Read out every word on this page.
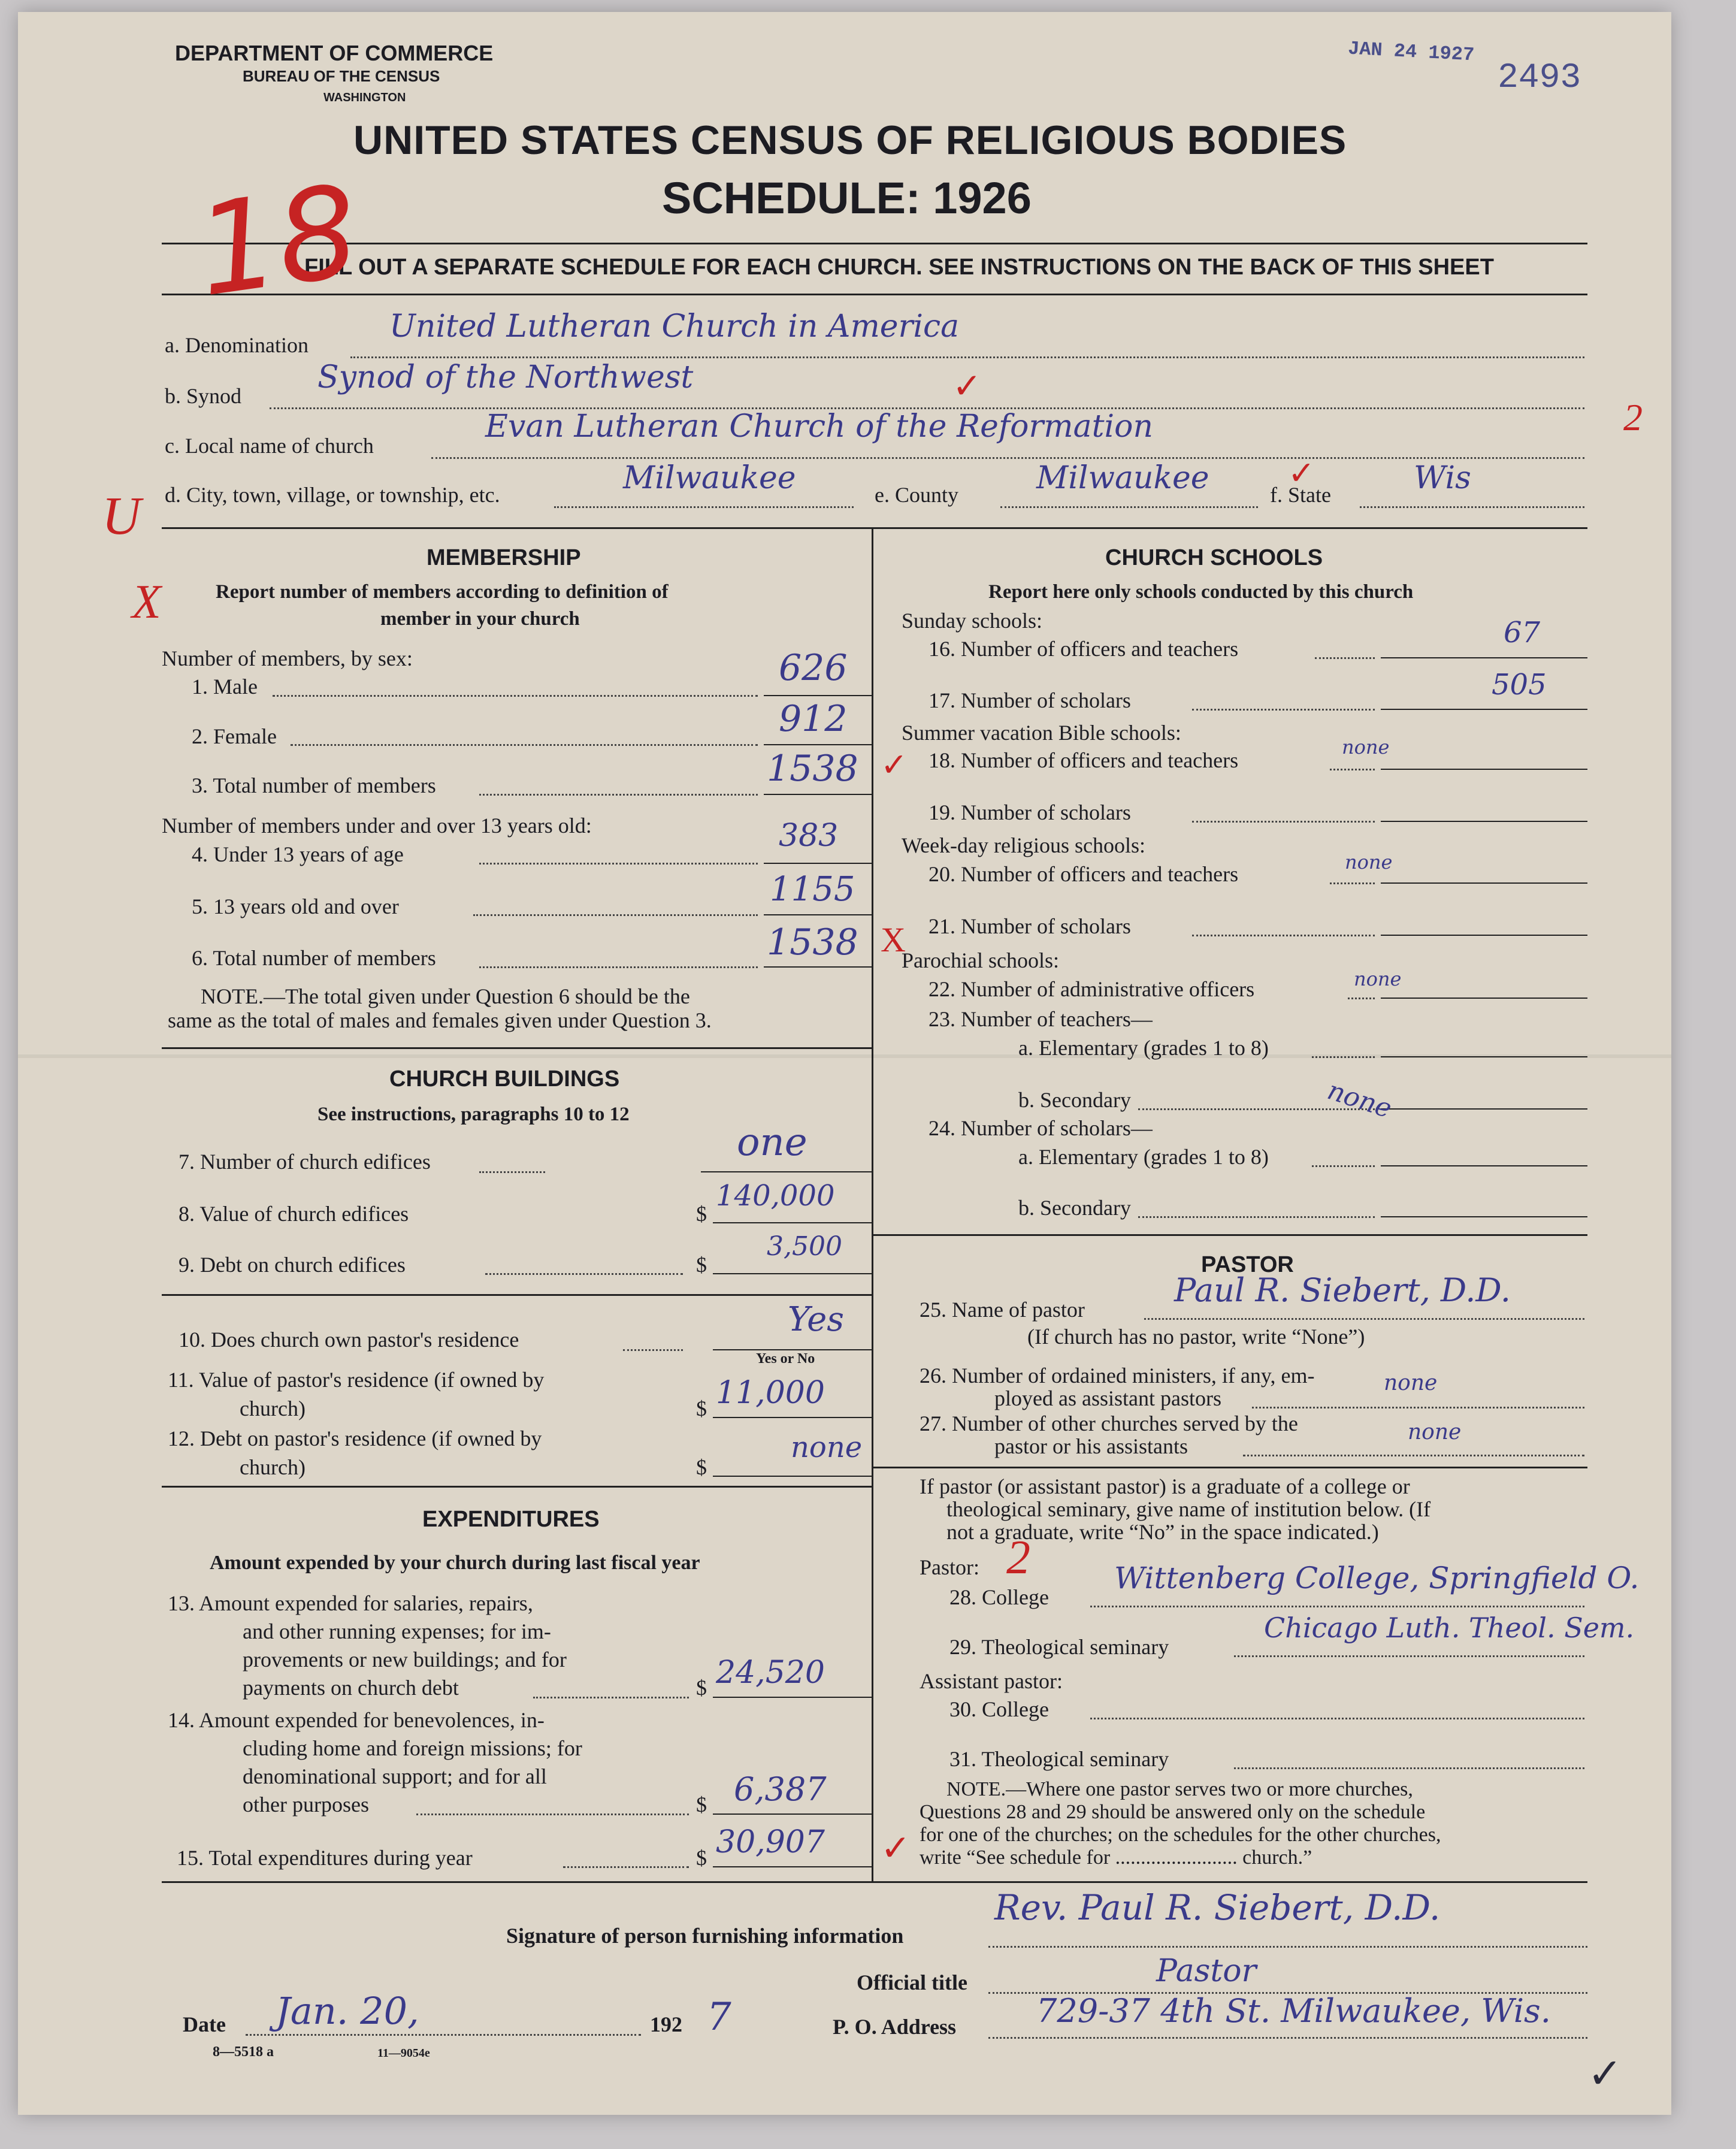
DEPARTMENT OF COMMERCE
BUREAU OF THE CENSUS
WASHINGTON
JAN 24 1927
2493
UNITED STATES CENSUS OF RELIGIOUS BODIES
SCHEDULE: 1926
FILL OUT A SEPARATE SCHEDULE FOR EACH CHURCH. SEE INSTRUCTIONS ON THE BACK OF THIS SHEET
a. Denomination
United Lutheran Church in America
b. Synod
Synod of the Northwest	✓
c. Local name of church
Evan Lutheran Church of the Reformation	2
d. City, town, village, or township, etc.	Milwaukee	e. County	Milwaukee	f. State	Wis
✓
18
U
X
MEMBERSHIP
Report number of members according to definition of
member in your church
Number of members, by sex:
1. Male	626
2. Female	912
3. Total number of members	1538 ✓
Number of members under and over 13 years old:
4. Under 13 years of age
383
5. 13 years old and over	1155
6. Total number of members	1538 X
NOTE.—The total given under Question 6 should be the
same as the total of males and females given under Question 3.
CHURCH BUILDINGS
See instructions, paragraphs 10 to 12
7. Number of church edifices	one
8. Value of church edifices	$
140,000
9. Debt on church edifices	$
3,500
10. Does church own pastor's residence
Yes
Yes or No
11. Value of pastor's residence (if owned by
church)	$ 11,000
12. Debt on pastor's residence (if owned by
church)	$
none
EXPENDITURES
Amount expended by your church during last fiscal year
13. Amount expended for salaries, repairs,
and other running expenses; for im-
provements or new buildings; and for
payments on church debt	$ 24,520
14. Amount expended for benevolences, in-
cluding home and foreign missions; for
denominational support; and for all
other purposes	$ 6,387
15. Total expenditures during year	$ 30,907 ✓
CHURCH SCHOOLS
Report here only schools conducted by this church
Sunday schools:
16. Number of officers and teachers	67
17. Number of scholars	505
Summer vacation Bible schools:
18. Number of officers and teachers
none
19. Number of scholars
Week-day religious schools:
20. Number of officers and teachers	none
21. Number of scholars
Parochial schools:
22. Number of administrative officers	none
23. Number of teachers—
a. Elementary (grades 1 to 8)
b. Secondary	none
24. Number of scholars—
a. Elementary (grades 1 to 8)
b. Secondary
PASTOR
25. Name of pastor
Paul R. Siebert, D.D.
(If church has no pastor, write “None”)
26. Number of ordained ministers, if any, em-
ployed as assistant pastors
none
27. Number of other churches served by the
pastor or his assistants
none
If pastor (or assistant pastor) is a graduate of a college or
theological seminary, give name of institution below. (If
not a graduate, write “No” in the space indicated.)
Pastor: 2
28. College
Wittenberg College, Springfield O.
29. Theological seminary
Chicago Luth. Theol. Sem.
Assistant pastor:
30. College
31. Theological seminary
NOTE.—Where one pastor serves two or more churches,
Questions 28 and 29 should be answered only on the schedule
for one of the churches; on the schedules for the other churches,
write “See schedule for ........................ church.”
Signature of person furnishing information
Rev. Paul R. Siebert, D.D.
Official title	Pastor
Date Jan. 20,	192 7	P. O. Address 729-37 4th St. Milwaukee, Wis.
✓
8—5518 a	11—9054e
